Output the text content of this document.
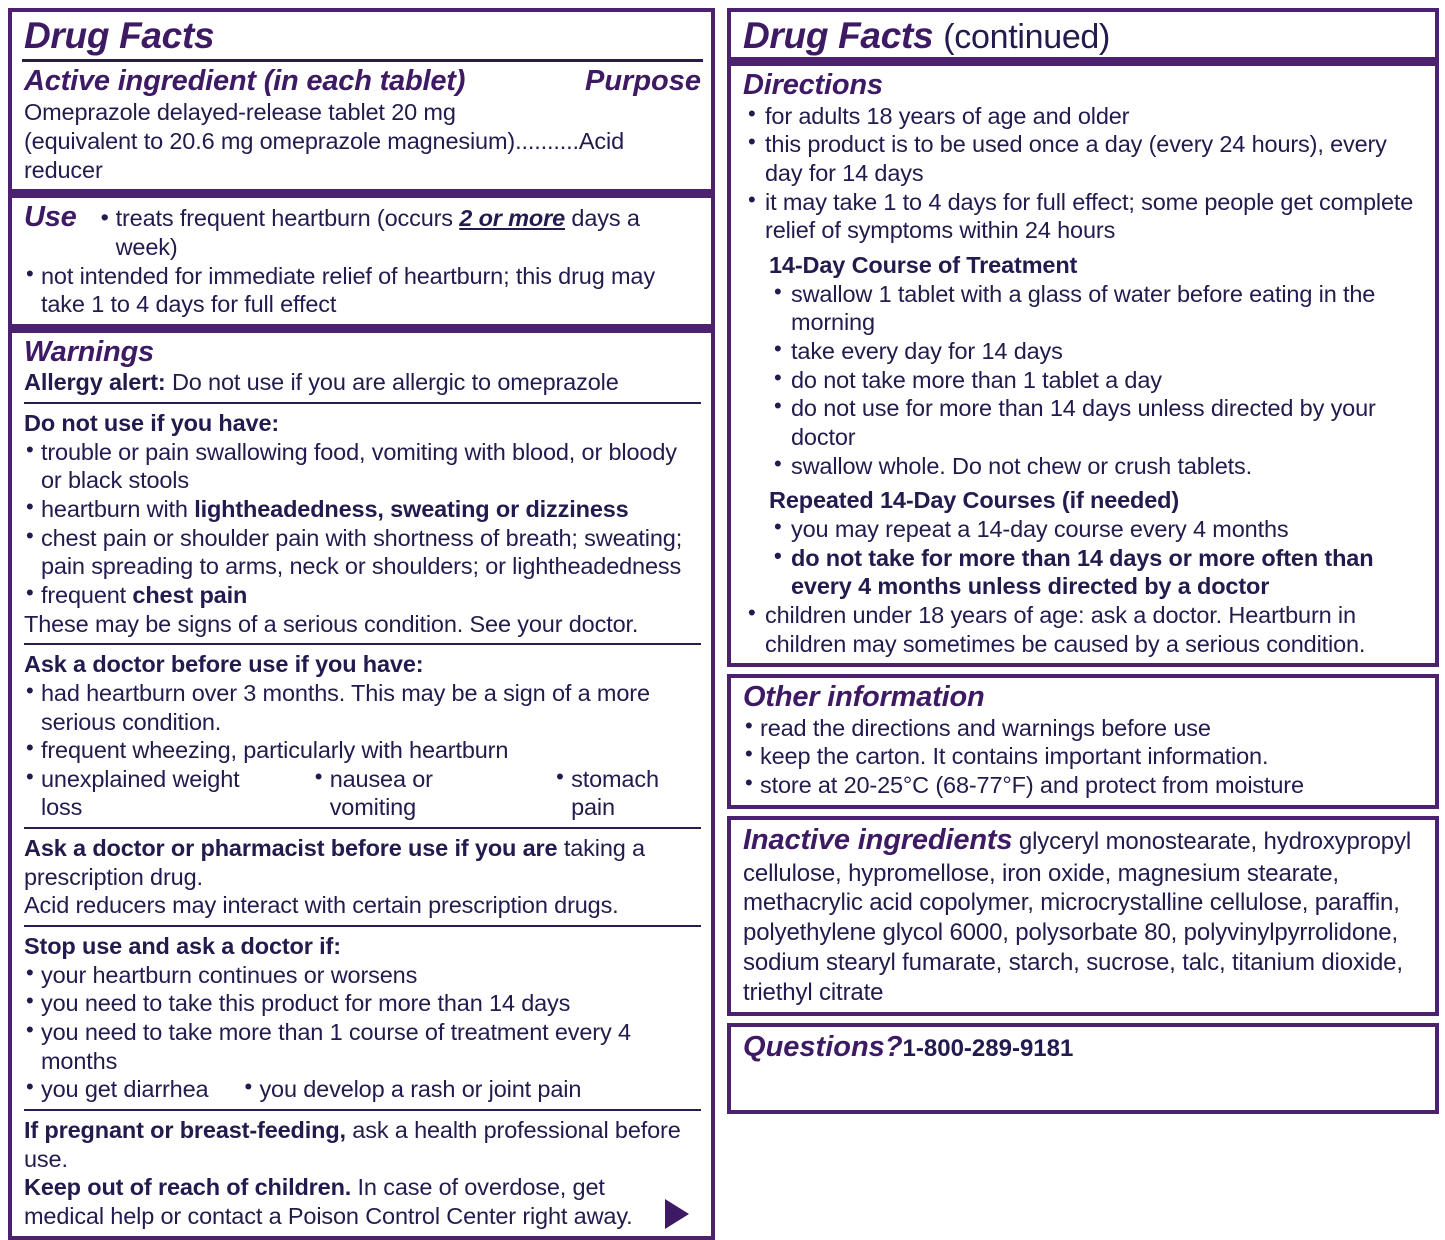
Drug Facts
Active ingredient (in each tablet)	Purpose
Omeprazole delayed-release tablet 20 mg
(equivalent to 20.6 mg omeprazole magnesium)..........Acid reducer
Use • treats frequent heartburn (occurs 2 or more days a week)
• not intended for immediate relief of heartburn; this drug may take 1 to 4 days for full effect
Warnings
Allergy alert: Do not use if you are allergic to omeprazole
Do not use if you have:
• trouble or pain swallowing food, vomiting with blood, or bloody or black stools
• heartburn with lightheadedness, sweating or dizziness
• chest pain or shoulder pain with shortness of breath; sweating; pain spreading to arms, neck or shoulders; or lightheadedness
• frequent chest pain
These may be signs of a serious condition. See your doctor.
Ask a doctor before use if you have:
• had heartburn over 3 months. This may be a sign of a more serious condition.
• frequent wheezing, particularly with heartburn
• unexplained weight loss
• nausea or vomiting
• stomach pain
Ask a doctor or pharmacist before use if you are taking a prescription drug.
Acid reducers may interact with certain prescription drugs.
Stop use and ask a doctor if:
• your heartburn continues or worsens
• you need to take this product for more than 14 days
• you need to take more than 1 course of treatment every 4 months
• you get diarrhea	• you develop a rash or joint pain
If pregnant or breast-feeding, ask a health professional before use.
Keep out of reach of children. In case of overdose, get medical help or contact a Poison Control Center right away.
Drug Facts (continued)
Directions
• for adults 18 years of age and older
• this product is to be used once a day (every 24 hours), every day for 14 days
• it may take 1 to 4 days for full effect; some people get complete relief of symptoms within 24 hours
14-Day Course of Treatment
• swallow 1 tablet with a glass of water before eating in the morning
• take every day for 14 days
• do not take more than 1 tablet a day
• do not use for more than 14 days unless directed by your doctor
• swallow whole. Do not chew or crush tablets.
Repeated 14-Day Courses (if needed)
• you may repeat a 14-day course every 4 months
• do not take for more than 14 days or more often than every 4 months unless directed by a doctor
• children under 18 years of age: ask a doctor. Heartburn in children may sometimes be caused by a serious condition.
Other information
• read the directions and warnings before use
• keep the carton. It contains important information.
• store at 20-25°C (68-77°F) and protect from moisture
Inactive ingredients glyceryl monostearate, hydroxypropyl cellulose, hypromellose, iron oxide, magnesium stearate, methacrylic acid copolymer, microcrystalline cellulose, paraffin, polyethylene glycol 6000, polysorbate 80, polyvinylpyrrolidone, sodium stearyl fumarate, starch, sucrose, talc, titanium dioxide, triethyl citrate
Questions?1-800-289-9181
